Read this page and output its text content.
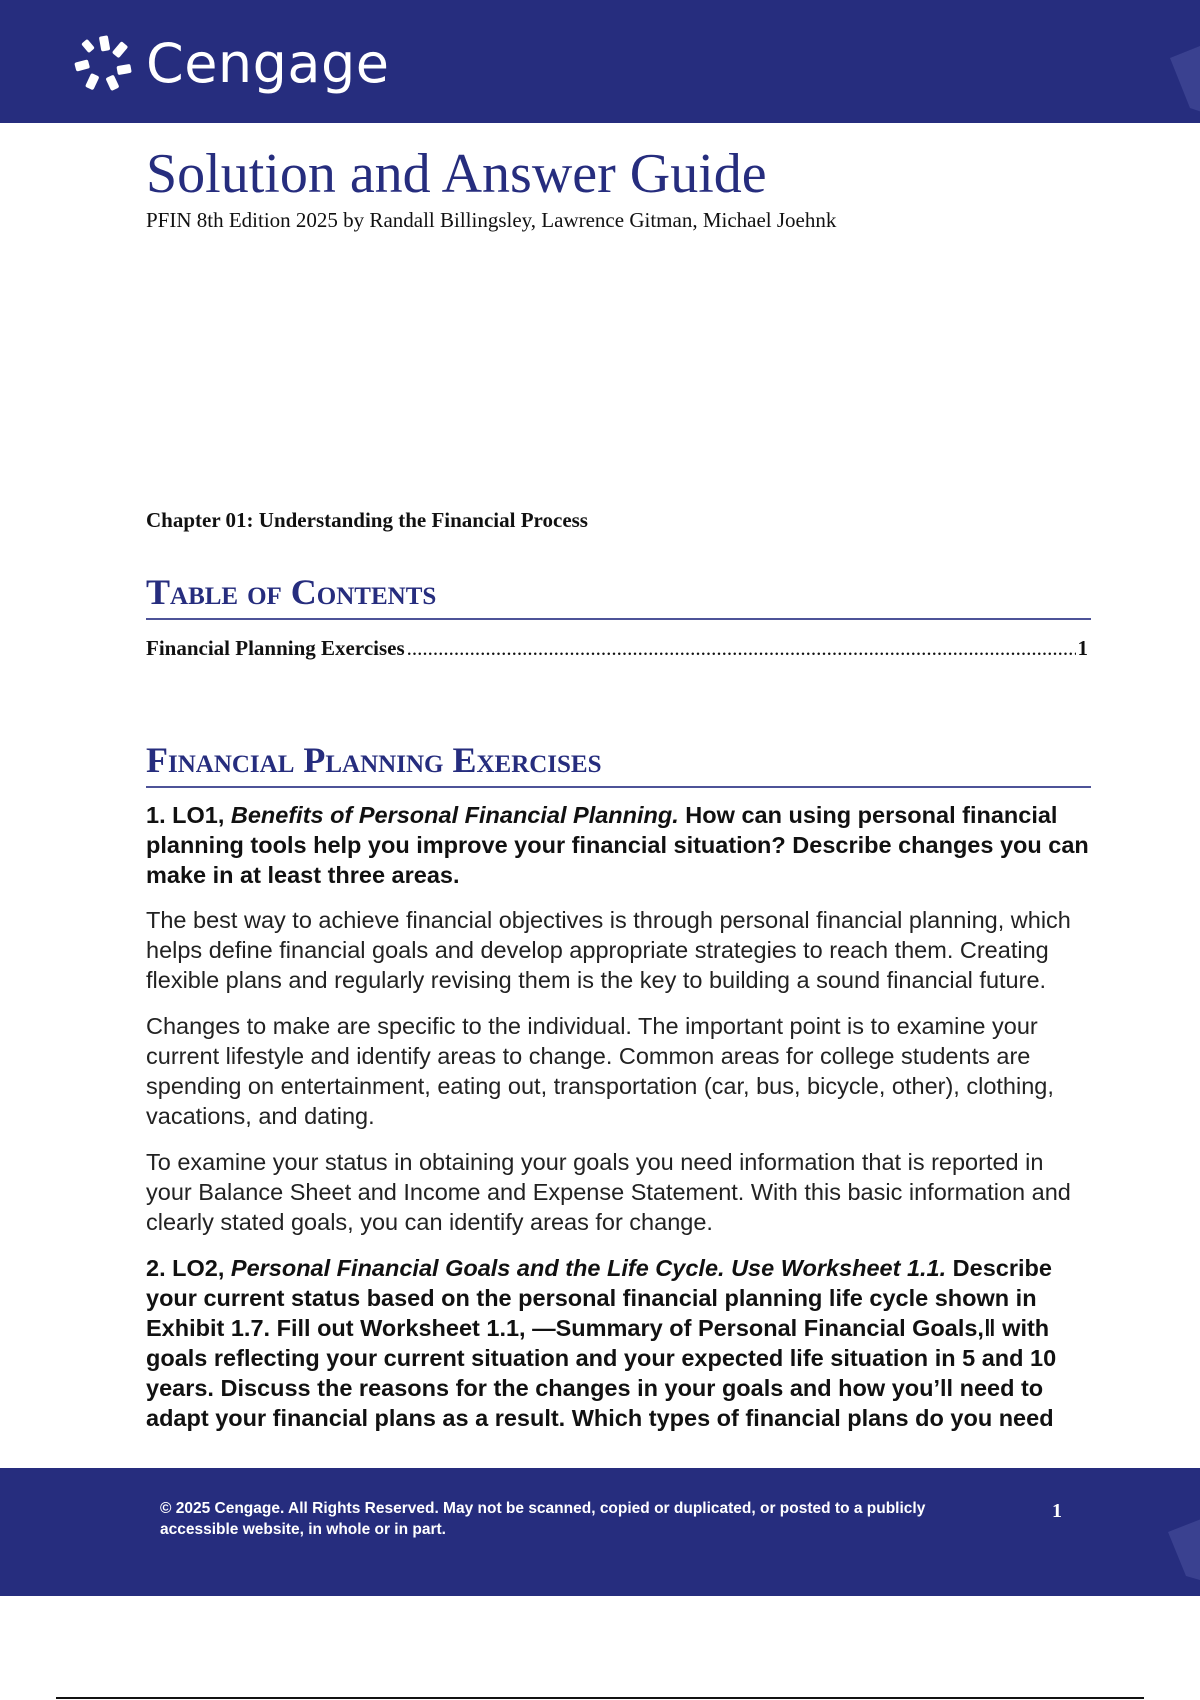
Cengage
Solution and Answer Guide
PFIN 8th Edition 2025 by Randall Billingsley, Lawrence Gitman, Michael Joehnk
Chapter 01: Understanding the Financial Process
Table of Contents
Financial Planning Exercises
.....	1
Financial Planning Exercises

1. LO1, Benefits of Personal Financial Planning. How can using personal financial planning tools help you improve your financial situation? Describe changes you can make in at least three areas.

The best way to achieve financial objectives is through personal financial planning, which helps define financial goals and develop appropriate strategies to reach them. Creating flexible plans and regularly revising them is the key to building a sound financial future.

Changes to make are specific to the individual. The important point is to examine your current lifestyle and identify areas to change. Common areas for college students are spending on entertainment, eating out, transportation (car, bus, bicycle, other), clothing, vacations, and dating.

To examine your status in obtaining your goals you need information that is reported in your Balance Sheet and Income and Expense Statement. With this basic information and clearly stated goals, you can identify areas for change.

2. LO2, Personal Financial Goals and the Life Cycle. Use Worksheet 1.1. Describe your current status based on the personal financial planning life cycle shown in Exhibit 1.7. Fill out Worksheet 1.1, —Summary of Personal Financial Goals,‖ with goals reflecting your current situation and your expected life situation in 5 and 10 years. Discuss the reasons for the changes in your goals and how you’ll need to adapt your financial plans as a result. Which types of financial plans do you need

© 2025 Cengage. All Rights Reserved. May not be scanned, copied or duplicated, or posted to a publicly accessible website, in whole or in part.
1
